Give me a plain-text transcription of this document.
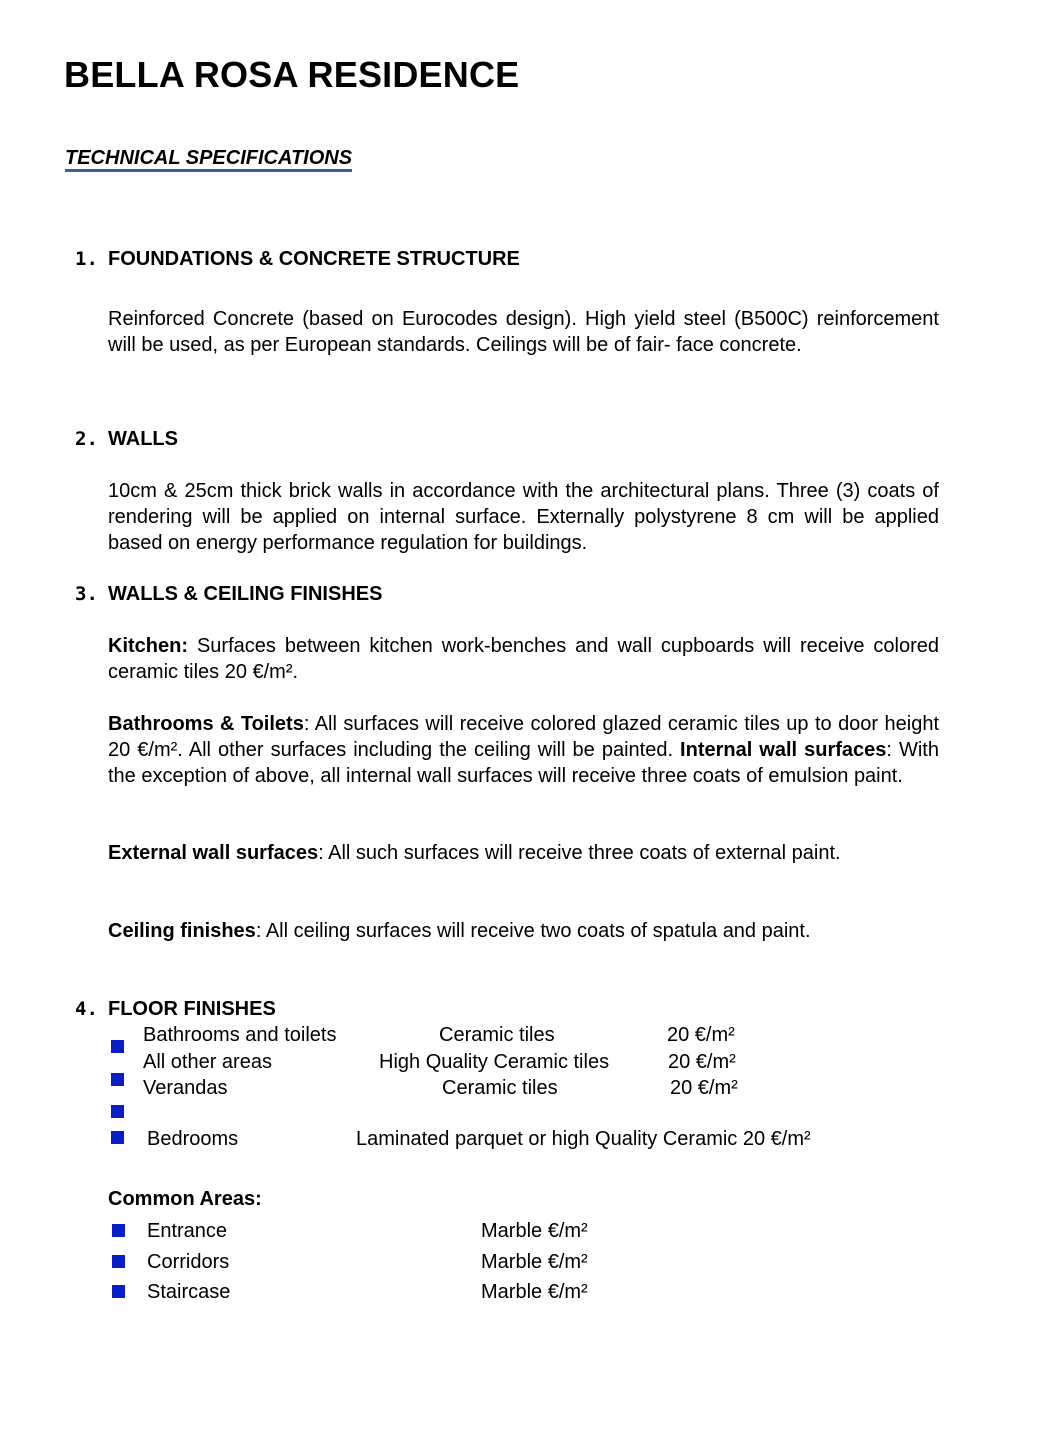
BELLA ROSA RESIDENCE
TECHNICAL SPECIFICATIONS
1. FOUNDATIONS & CONCRETE STRUCTURE
Reinforced Concrete (based on Eurocodes design). High yield steel (B500C) reinforcement will be used, as per European standards. Ceilings will be of fair- face concrete.
2. WALLS
10cm & 25cm thick brick walls in accordance with the architectural plans. Three (3) coats of rendering will be applied on internal surface. Externally polystyrene 8 cm will be applied based on energy performance regulation for buildings.
3. WALLS & CEILING FINISHES
Kitchen: Surfaces between kitchen work-benches and wall cupboards will receive colored ceramic tiles 20 €/m².
Bathrooms & Toilets: All surfaces will receive colored glazed ceramic tiles up to door height 20 €/m². All other surfaces including the ceiling will be painted. Internal wall surfaces: With the exception of above, all internal wall surfaces will receive three coats of emulsion paint.
External wall surfaces: All such surfaces will receive three coats of external paint.
Ceiling finishes: All ceiling surfaces will receive two coats of spatula and paint.
4. FLOOR FINISHES
Bathrooms and toilets	Ceramic tiles	20 €/m²
All other areas	High Quality Ceramic tiles	20 €/m²
Verandas	Ceramic tiles	20 €/m²
Bedrooms	Laminated parquet or high Quality Ceramic 20 €/m²
Common Areas:
Entrance	Marble €/m²
Corridors	Marble €/m²
Staircase	Marble €/m²
